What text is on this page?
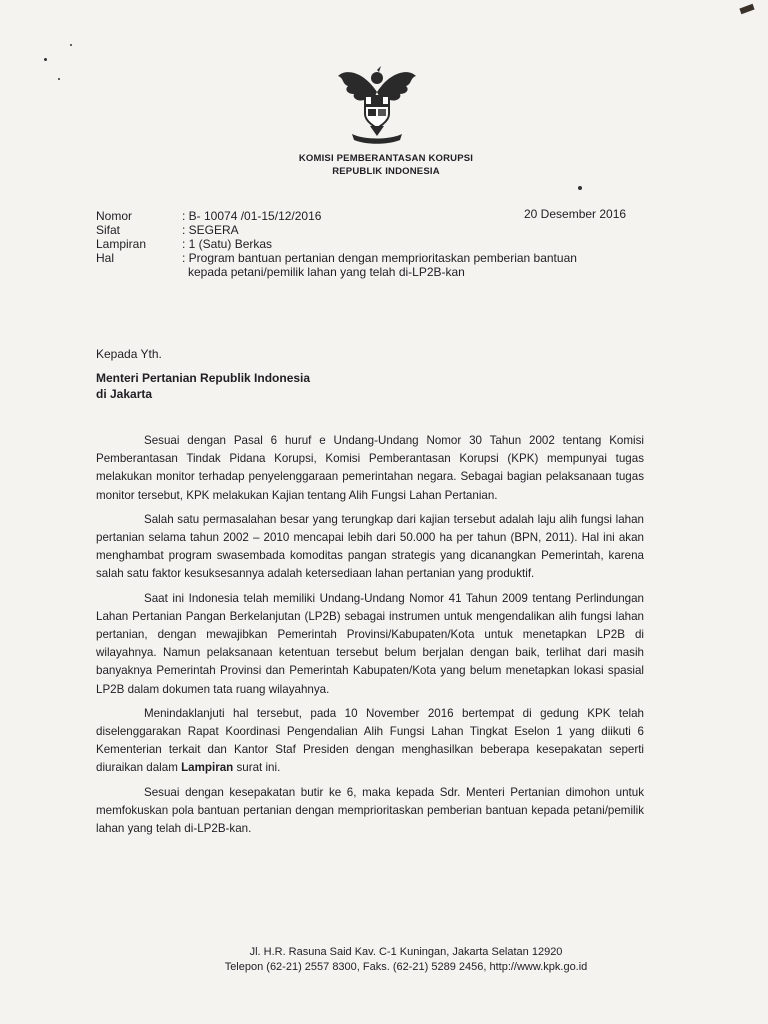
KOMISI PEMBERANTASAN KORUPSI
REPUBLIK INDONESIA
Nomor	: B- 10074 /01-15/12/2016
Sifat	: SEGERA
Lampiran	: 1 (Satu) Berkas
Hal	: Program bantuan pertanian dengan memprioritaskan pemberian bantuan
kepada petani/pemilik lahan yang telah di-LP2B-kan
20 Desember 2016
Kepada Yth.
Menteri Pertanian Republik Indonesia
di Jakarta

Sesuai dengan Pasal 6 huruf e Undang-Undang Nomor 30 Tahun 2002 tentang Komisi Pemberantasan Tindak Pidana Korupsi, Komisi Pemberantasan Korupsi (KPK) mempunyai tugas melakukan monitor terhadap penyelenggaraan pemerintahan negara. Sebagai bagian pelaksanaan tugas monitor tersebut, KPK melakukan Kajian tentang Alih Fungsi Lahan Pertanian.

Salah satu permasalahan besar yang terungkap dari kajian tersebut adalah laju alih fungsi lahan pertanian selama tahun 2002 – 2010 mencapai lebih dari 50.000 ha per tahun (BPN, 2011). Hal ini akan menghambat program swasembada komoditas pangan strategis yang dicanangkan Pemerintah, karena salah satu faktor kesuksesannya adalah ketersediaan lahan pertanian yang produktif.

Saat ini Indonesia telah memiliki Undang-Undang Nomor 41 Tahun 2009 tentang Perlindungan Lahan Pertanian Pangan Berkelanjutan (LP2B) sebagai instrumen untuk mengendalikan alih fungsi lahan pertanian, dengan mewajibkan Pemerintah Provinsi/Kabupaten/Kota untuk menetapkan LP2B di wilayahnya. Namun pelaksanaan ketentuan tersebut belum berjalan dengan baik, terlihat dari masih banyaknya Pemerintah Provinsi dan Pemerintah Kabupaten/Kota yang belum menetapkan lokasi spasial LP2B dalam dokumen tata ruang wilayahnya.

Menindaklanjuti hal tersebut, pada 10 November 2016 bertempat di gedung KPK telah diselenggarakan Rapat Koordinasi Pengendalian Alih Fungsi Lahan Tingkat Eselon 1 yang diikuti 6 Kementerian terkait dan Kantor Staf Presiden dengan menghasilkan beberapa kesepakatan seperti diuraikan dalam Lampiran surat ini.

Sesuai dengan kesepakatan butir ke 6, maka kepada Sdr. Menteri Pertanian dimohon untuk memfokuskan pola bantuan pertanian dengan memprioritaskan pemberian bantuan kepada petani/pemilik lahan yang telah di-LP2B-kan.

Jl. H.R. Rasuna Said Kav. C-1 Kuningan, Jakarta Selatan 12920
Telepon (62-21) 2557 8300, Faks. (62-21) 5289 2456, http://www.kpk.go.id
